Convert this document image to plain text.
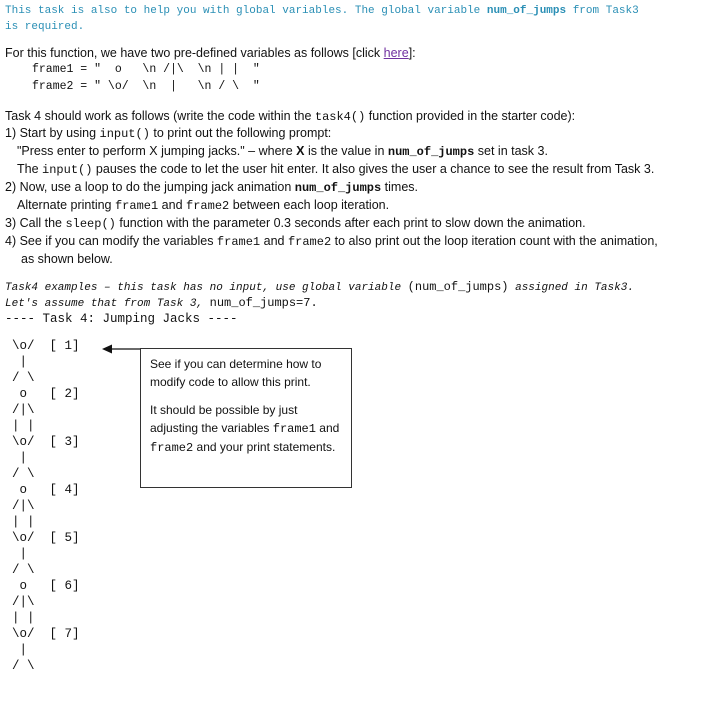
This task is also to help you with global variables. The global variable num_of_jumps from Task3
is required.
For this function, we have two pre-defined variables as follows [click here]:
frame1 = "  o   \n /|\  \n | |  "
frame2 = " \o/  \n  |   \n / \  "
Task 4 should work as follows (write the code within the task4() function provided in the starter code):
1) Start by using input() to print out the following prompt:
"Press enter to perform X jumping jacks." – where X is the value in num_of_jumps set in task 3.
The input() pauses the code to let the user hit enter. It also gives the user a chance to see the result from Task 3.
2) Now, use a loop to do the jumping jack animation num_of_jumps times.
Alternate printing frame1 and frame2 between each loop iteration.
3) Call the sleep() function with the parameter 0.3 seconds after each print to slow down the animation.
4) See if you can modify the variables frame1 and frame2 to also print out the loop iteration count with the animation,
as shown below.
Task4 examples – this task has no input, use global variable (num_of_jumps) assigned in Task3.
Let's assume that from Task 3, num_of_jumps=7.
---- Task 4: Jumping Jacks ----
\o/  [ 1]
|
/ \
o   [ 2]
/|\
| |
\o/  [ 3]
|
/ \
o   [ 4]
/|\
| |
\o/  [ 5]
|
/ \
o   [ 6]
/|\
| |
\o/  [ 7]
|
/ \
See if you can determine how to modify code to allow this print.
It should be possible by just adjusting the variables frame1 and frame2 and your print statements.
